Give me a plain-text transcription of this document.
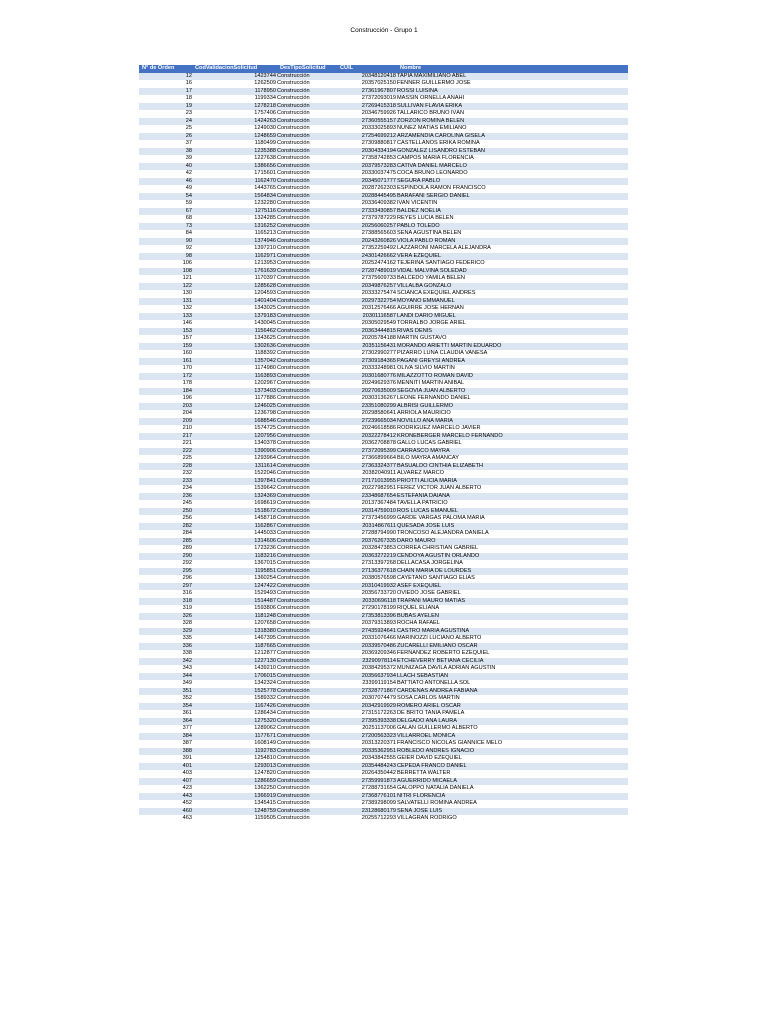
Construcción - Grupo 1
N° de Orden	CodValidacionSolicitud	DesTipoSolicitud	CUIL	Nombre
12	1423744	Construcción	20348120418	TAPIA MAXIMILIANO ABEL
16	1262509	Construcción	20357025150	FENNER GUILLERMO JOSE
17	1178950	Construcción	27361967807	ROSSI LUISINA
18	1199334	Construcción	27372093019	MASSIN ORNELLA ANAHI
19	1278218	Construcción	27269415318	SULLIVAN FLAVIA ERIKA
23	1757406	Construcción	20346759926	TALLARICO BRUNO IVÁN
24	1424263	Construcción	27360555157	ZORZON ROMINA BELEN
25	1249030	Construcción	20333025893	NUÑEZ MATIAS EMILIANO
26	1248659	Construcción	27254699212	ARZAMENDIA CAROLINA GISELA
37	1180499	Construcción	27309880817	CASTELLANOS ERIKA ROMINA
38	1235388	Construcción	20304334194	GONZALEZ LISANDRO ESTEBAN
39	1227638	Construcción	27358742853	CAMPOS MARIA FLORENCIA
40	1386656	Construcción	20379573283	CATIVA DANIEL MARCELO
42	1715601	Construcción	20330037475	COCA BRUNO LEONARDO
46	1162470	Construcción	20345071777	SEGURA PABLO
49	1443765	Construcción	20287262303	ESPINDOLA RAMÓN FRANCISCO
54	1564834	Construcción	20288445495	BARAFANI SERGIO DANIEL
59	1232280	Construcción	20336409382	IVAN VICENTIN
67	1275116	Construcción	27333430857	BALDEZ NOELIA
68	1324285	Construcción	27379787229	REYES LUCIA BELEN
73	1316252	Construcción	20256060257	PABLO TOLEDO
84	1165213	Construcción	27388565603	SENA AGUSTINA BELEN
90	1374946	Construcción	20243260826	VIOLA PABLO ROMAN
92	1397210	Construcción	27352259492	LAZZARONI MARCELA ALEJANDRA
98	1162971	Construcción	24301426662	VERA EZEQUIEL
106	1213953	Construcción	20252474162	TEJERINA SANTIAGO FEDERICO
108	1761639	Construcción	27287489019	VIDAL MALVINA SOLEDAD
121	1170397	Construcción	27375609733	BALCEDO YAMILA BELEN
122	1285628	Construcción	20349876257	VILLALBA GONZALO
130	1204593	Construcción	20333275474	SCIANCA EXEQUIEL ANDRES
131	1401404	Construcción	20297322754	MOYANO EMMANUEL
132	1343025	Construcción	20312576466	AGUIRRE JOSE HERNAN
133	1379183	Construcción	20301116587	LANDI DARIO MIGUEL
146	1430045	Construcción	20305029549	TORRALBO JORGE ARIEL
153	1156462	Construcción	20363444815	RIVAS DENIS
157	1343625	Construcción	20205784188	MARTIN GUSTAVO
159	1302636	Construcción	20351156431	MORANDO ARIETTI MARTIN EDUARDO
160	1188392	Construcción	27302990277	PIZARRO LUNA CLAUDIA VANESA
161	1357042	Construcción	27309184365	PAGANI GREYSI ANDREA
170	1174980	Construcción	20333248981	OLIVA SILVIO MARTIN
172	1163893	Construcción	20301680776	MILAZZOTTO ROMAN DAVID
178	1202967	Construcción	20249629376	MENNITI MARTÍN ANÍBAL
184	1373403	Construcción	20270635009	SEGOVIA JUAN ALBERTO
196	1177886	Construcción	20303136267	LEONE FERNANDO DANIEL
203	1246025	Construcción	23351080299	ALBRISI GUILLERMO
204	1236798	Construcción	20298580641	ARRIOLA MAURICIO
209	1688546	Construcción	27239665034	NOVILLO ANA MARIA
210	1574725	Construcción	20246618586	RODRIGUEZ MARCELO JAVIER
217	1207956	Construcción	20322278412	KRONEBERGER MARCELO FERNANDO
221	1340378	Construcción	20362708878	GALLO LUCAS GABRIEL
222	1390906	Construcción	27372095399	CARRASCO MAYRA
225	1293964	Construcción	27366899664	BILO MAYRA AMANCAY
228	1311614	Construcción	27363324377	BASUALDO CINTHIA ELIZABETH
232	1522046	Construcción	20382040911	ALVAREZ MARCO
233	1397841	Construcción	27171013955	PRIOTTI ALICIA MARIA
234	1539642	Construcción	20227982951	FEREZ VICTOR JUAN ALBERTO
236	1324369	Construcción	23348687654	ESTEFANIA DAIANA
245	1698619	Construcción	20137367484	TAVELLA PATRICIO
250	1518672	Construcción	20314759010	ROS LUCAS EMANUEL
256	1458718	Construcción	27373456999	GARDE VARGAS PALOMA MARIA
282	1162867	Construcción	20314867611	QUESADA JOSE LUIS
284	1445033	Construcción	27288794990	TRONCOSO ALEJANDRA DANIELA
285	1314606	Construcción	20376267335	DARO MAURO
289	1723236	Construcción	20328473853	CORREA CHRISTIAN GABRIEL
290	1183216	Construcción	20363272219	CENDOYA AGUSTIN ORLANDO
292	1367015	Construcción	27313397268	DELLACASA JORGELINA
295	1195851	Construcción	27136377618	CHAIN MARIA DE LOURDES
296	1360254	Construcción	20380576598	CAYETANO SANTIAGO ELIAS
297	1247422	Construcción	20310419932	ASEF EXEQUIEL
316	1529493	Construcción	20356733720	OVIEDO JOSÉ GABRIEL
318	1514487	Construcción	20330696118	TRAPANI MAURO MATIAS
319	1593806	Construcción	27290178199	RIQUEL ELIANA
326	1181248	Construcción	27353813396	BUBAS AYELEN
328	1207658	Construcción	20379313893	ROCHA RAFAEL
329	1318380	Construcción	27435924641	CASTRO MARIA AGUSTINA
335	1467395	Construcción	20331076466	MARINOZZI LUCIANO ALBERTO
336	1187665	Construcción	20339570486	ZUCARELLI EMILIANO OSCAR
338	1212877	Construcción	20369209346	FERNANDEZ ROBERTO EZEQUIEL
342	1227130	Construcción	23290978114	ETCHEVERRY BETIANA CECILIA
343	1439210	Construcción	20384295372	MUNIZAGA DAVILA ADRIAN AGUSTIN
344	1706015	Construcción	20356637934	LLACH SEBASTIAN
349	1342324	Construcción	23399119154	BATTIATO ANTONELLA SOL
351	1525778	Construcción	27328771867	CARDENAS ANDREA FABIANA
352	1589332	Construcción	20307074479	SOSA CARLOS MARTIN
354	1167426	Construcción	20342919929	ROMERO ARIEL OSCAR
361	1286434	Construcción	27315172263	DE BRITO TANIA PAMELA
364	1275320	Construcción	27395393338	DELGADO ANA LAURA
377	1289062	Construcción	20251137006	GALAN GUILLERMO ALBERTO
384	1177671	Construcción	27200563323	VILLARROEL MONICA
387	1608149	Construcción	20313220371	FRANCISCO NICOLAS GIANNICE MELO
388	1192783	Construcción	20335362951	ROBLEDO ANDRÉS IGNACIO
391	1254810	Construcción	20343842555	GEIER DAVID EZEQUIEL
401	1293013	Construcción	20354484243	CEPEDA FRANCO DANIEL
403	1247820	Construcción	20264350442	BERRETTA WALTER
407	1286659	Construcción	27359991873	AGUERRIDO MICAELA
423	1362250	Construcción	27288731654	GALOPPO NATALIA DANIELA
443	1366919	Construcción	27368776101	NITRI FLORENCIA
452	1345415	Construcción	27389298099	SALVATELLI ROMINA ANDREA
460	1248759	Construcción	23128680179	SENA JOSE LUIS
463	1159505	Construcción	20255712293	VILLAGRAN RODRIGO
